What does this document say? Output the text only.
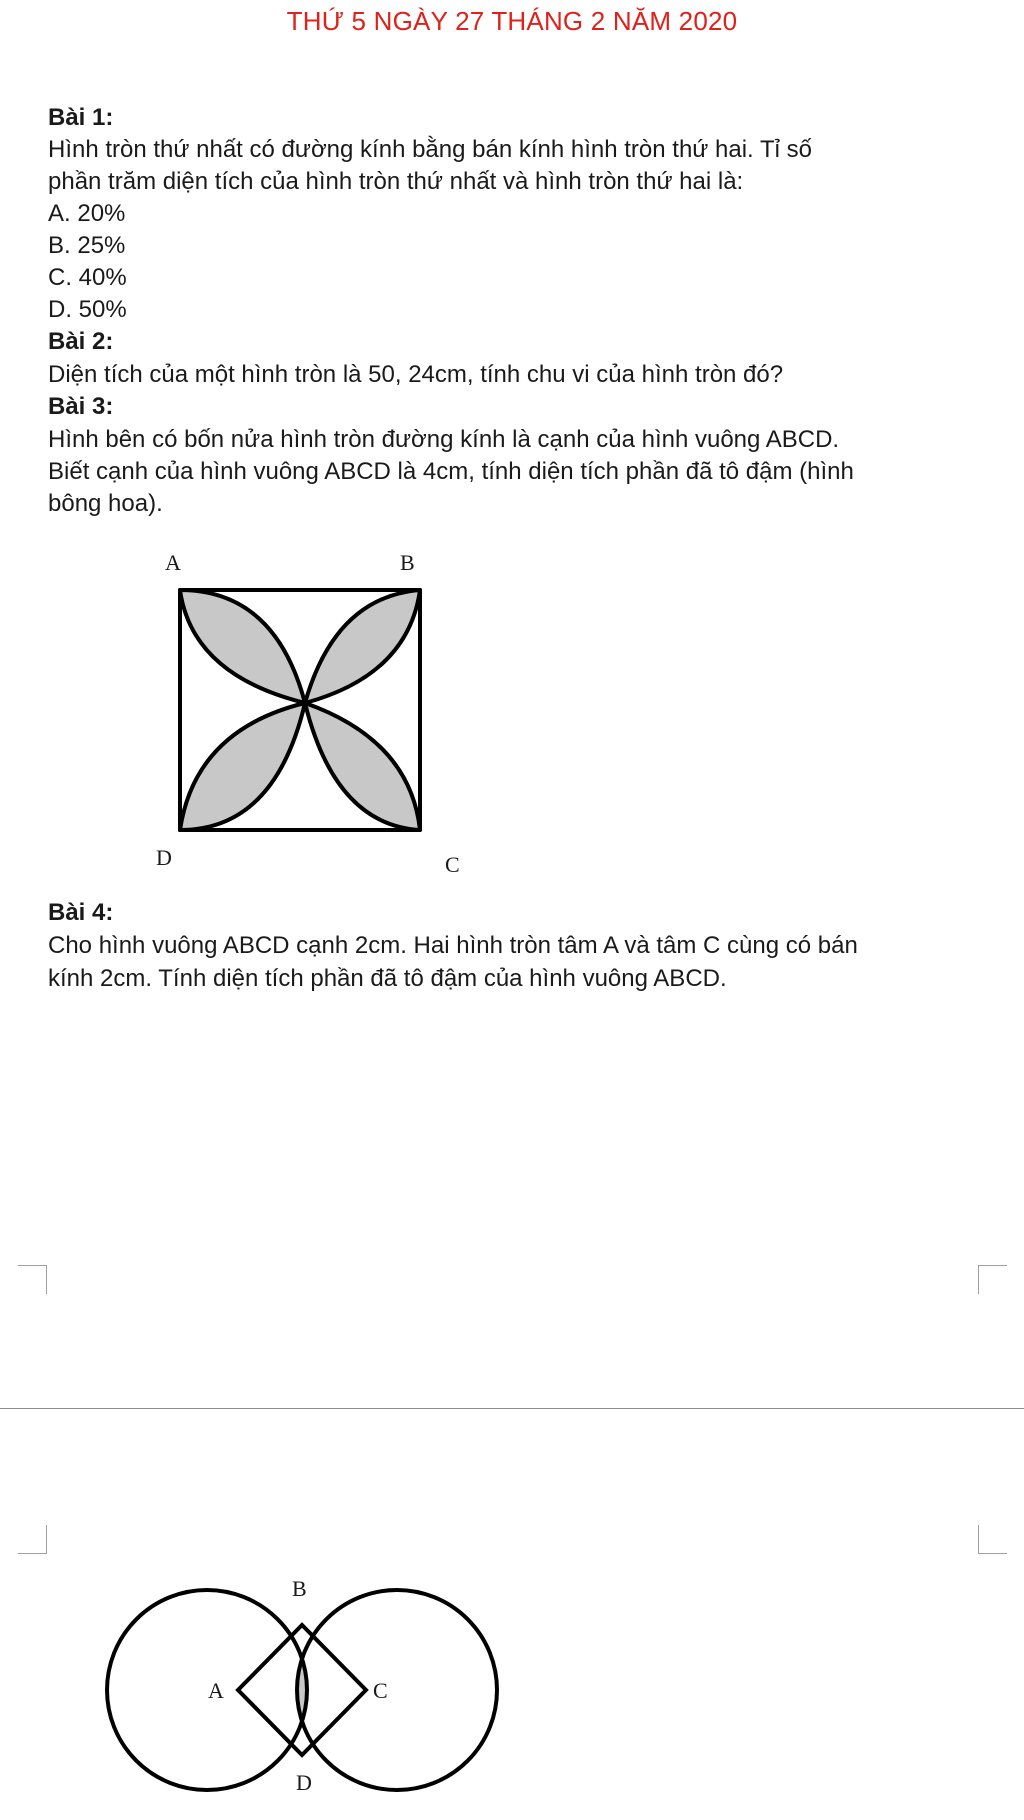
THỨ 5 NGÀY 27 THÁNG 2 NĂM 2020
Bài 1:
Hình tròn thứ nhất có đường kính bằng bán kính hình tròn thứ hai. Tỉ số
phần trăm diện tích của hình tròn thứ nhất và hình tròn thứ hai là:
A. 20%
B. 25%
C. 40%
D. 50%
Bài 2:
Diện tích của một hình tròn là 50, 24cm, tính chu vi của hình tròn đó?
Bài 3:
Hình bên có bốn nửa hình tròn đường kính là cạnh của hình vuông ABCD.
Biết cạnh của hình vuông ABCD là 4cm, tính diện tích phần đã tô đậm (hình
bông hoa).
A	B
D	C
Bài 4:
Cho hình vuông ABCD cạnh 2cm. Hai hình tròn tâm A và tâm C cùng có bán
kính 2cm. Tính diện tích phần đã tô đậm của hình vuông ABCD.
B
A	C
D
